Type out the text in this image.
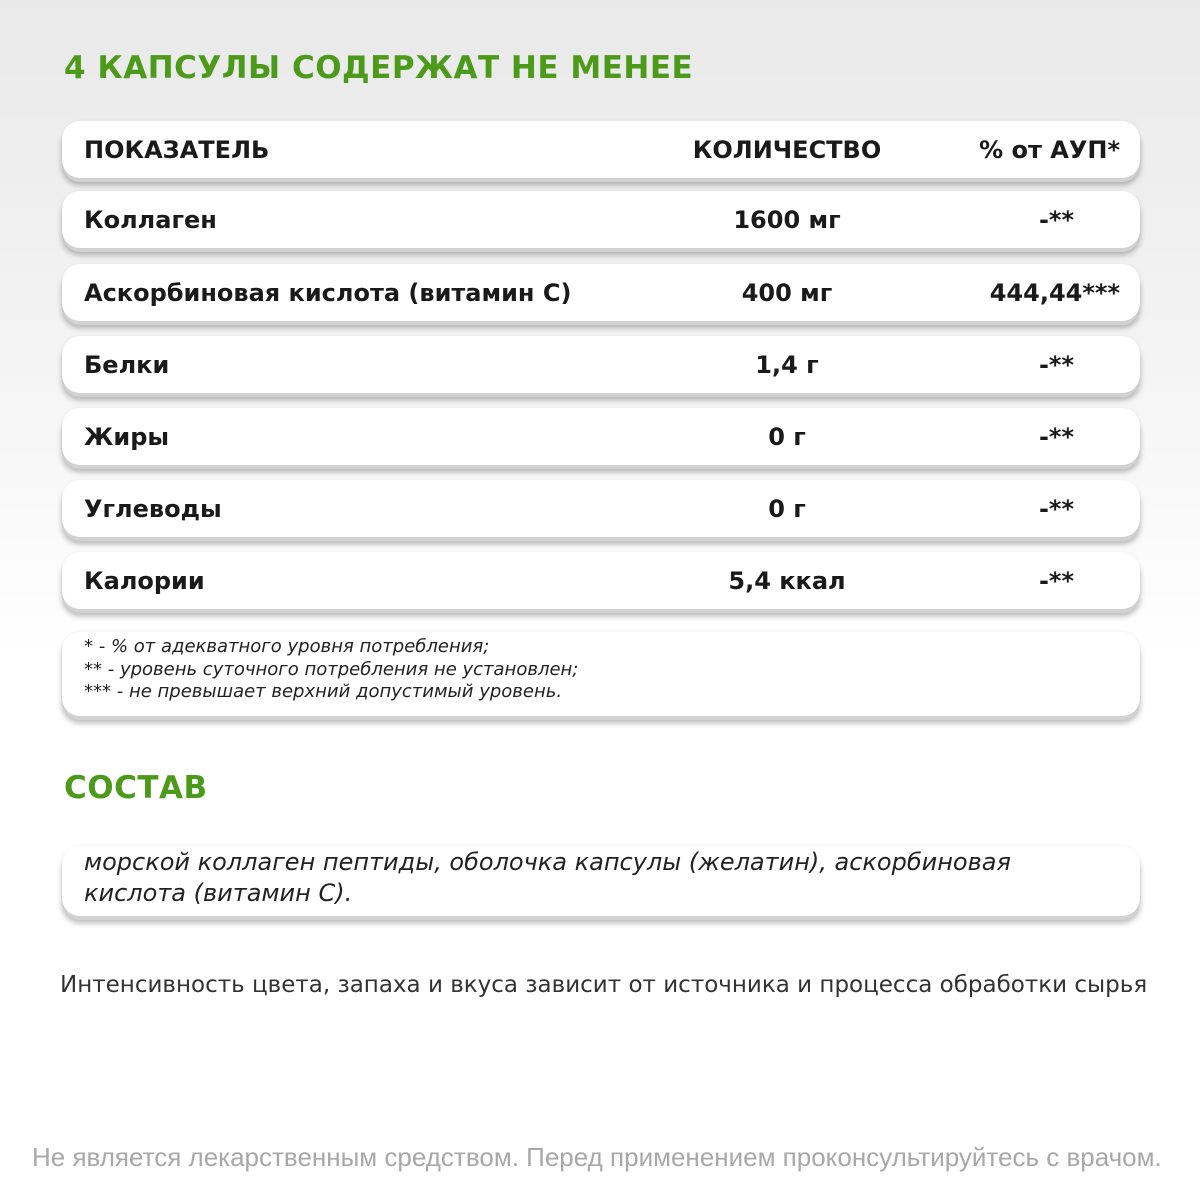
4 КАПСУЛЫ СОДЕРЖАТ НЕ МЕНЕЕ
ПОКАЗАТЕЛЬ	КОЛИЧЕСТВО	% от АУП*
Коллаген	1600 мг	-**
Аскорбиновая кислота (витамин С)	400 мг	444,44***
Белки	1,4 г	-**
Жиры	0 г	-**
Углеводы	0 г	-**
Калории	5,4 ккал	-**
* - % от адекватного уровня потребления;
** - уровень суточного потребления не установлен;
*** - не превышает верхний допустимый уровень.
СОСТАВ

морской коллаген пептиды, оболочка капсулы (желатин), аскорбиновая кислота (витамин С).

Интенсивность цвета, запаха и вкуса зависит от источника и процесса обработки сырья

Не является лекарственным средством. Перед применением проконсультируйтесь с врачом.
